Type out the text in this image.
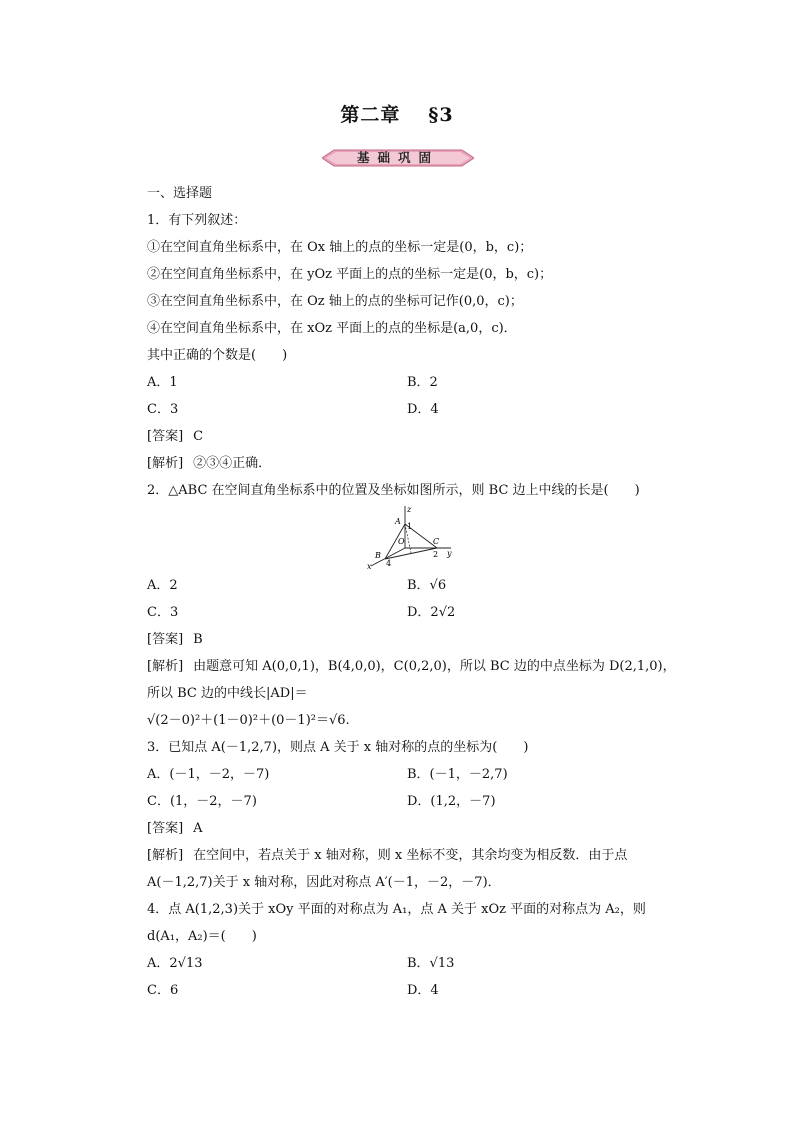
第二章 §3
基础巩固
一、选择题
1．有下列叙述：
①在空间直角坐标系中，在 Ox 轴上的点的坐标一定是(0，b，c)；
②在空间直角坐标系中，在 yOz 平面上的点的坐标一定是(0，b，c)；
③在空间直角坐标系中，在 Oz 轴上的点的坐标可记作(0,0，c)；
④在空间直角坐标系中，在 xOz 平面上的点的坐标是(a,0，c)．
其中正确的个数是(　　)
A．1	B．2
C．3	D．4
[答案] C
[解析] ②③④正确．
2．△ABC 在空间直角坐标系中的位置及坐标如图所示，则 BC 边上中线的长是(　　)
z
A
1
O	C
2 y
B
4
x
A．2	B．√6
C．3	D．2√2
[答案] B
[解析] 由题意可知 A(0,0,1)，B(4,0,0)，C(0,2,0)，所以 BC 边的中点坐标为 D(2,1,0)，
所以 BC 边的中线长|AD|＝
√(2－0)²＋(1－0)²＋(0－1)²＝√6.
3．已知点 A(－1,2,7)，则点 A 关于 x 轴对称的点的坐标为(　　)
A．(－1，－2，－7)	B．(－1，－2,7)
C．(1，－2，－7)	D．(1,2，－7)
[答案] A
[解析] 在空间中，若点关于 x 轴对称，则 x 坐标不变，其余均变为相反数．由于点
A(－1,2,7)关于 x 轴对称，因此对称点 A′(－1，－2，－7)．
4．点 A(1,2,3)关于 xOy 平面的对称点为 A₁，点 A 关于 xOz 平面的对称点为 A₂，则
d(A₁，A₂)＝(　　)
A．2√13	B．√13
C．6	D．4
